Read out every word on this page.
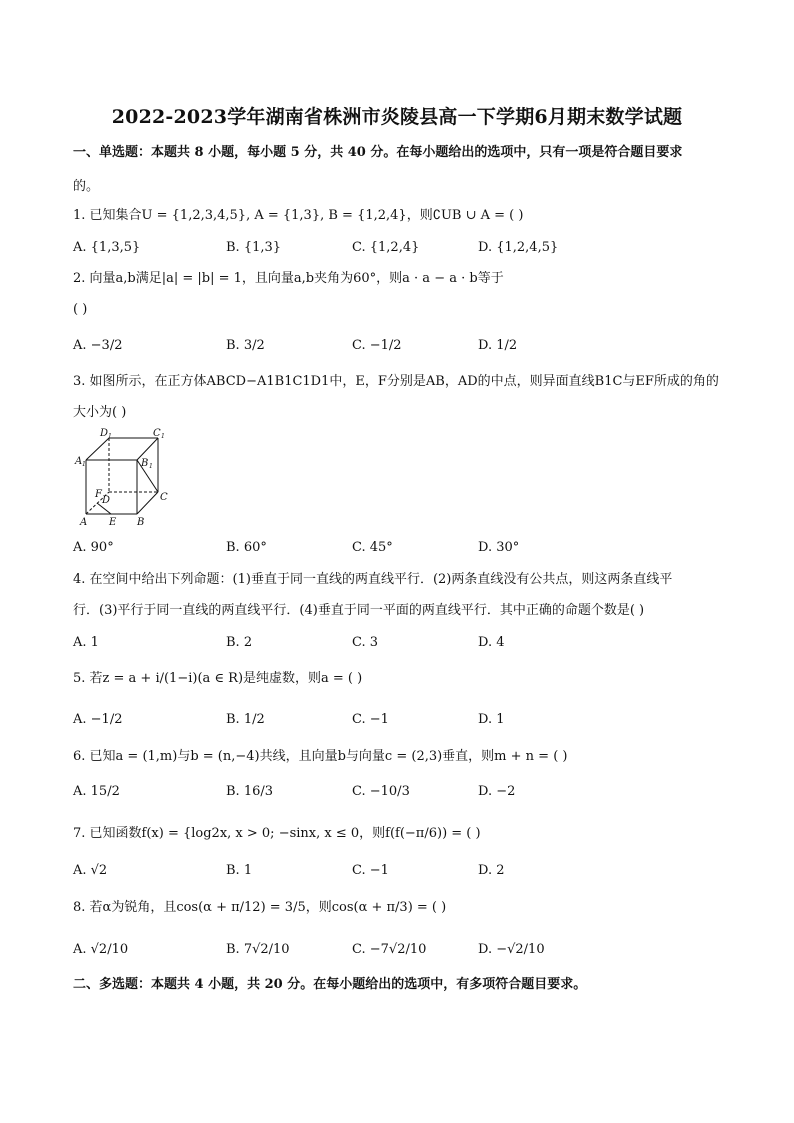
2022-2023学年湖南省株洲市炎陵县高一下学期6月期末数学试题
一、单选题：本题共 8 小题，每小题 5 分，共 40 分。在每小题给出的选项中，只有一项是符合题目要求
的。
1. 已知集合U = {1,2,3,4,5}, A = {1,3}, B = {1,2,4}，则∁UB ∪ A = ( )
A. {1,3,5}	B. {1,3}	C. {1,2,4}	D. {1,2,4,5}
2. 向量a,b满足|a| = |b| = 1，且向量a,b夹角为60°，则a · a − a · b等于
( )
A. −3/2	B. 3/2	C. −1/2	D. 1/2
3. 如图所示，在正方体ABCD−A1B1C1D1中，E，F分别是AB，AD的中点，则异面直线B1C与EF所成的角的
大小为( )
D 1	C 1
A 1	B 1
F
D	C
A E B
A. 90°	B. 60°	C. 45°	D. 30°
4. 在空间中给出下列命题：(1)垂直于同一直线的两直线平行．(2)两条直线没有公共点，则这两条直线平
行．(3)平行于同一直线的两直线平行．(4)垂直于同一平面的两直线平行．其中正确的命题个数是( )
A. 1	B. 2	C. 3	D. 4
5. 若z = a + i/(1−i)(a ∈ R)是纯虚数，则a = ( )
A. −1/2	B. 1/2	C. −1	D. 1
6. 已知a = (1,m)与b = (n,−4)共线，且向量b与向量c = (2,3)垂直，则m + n = ( )
A. 15/2	B. 16/3	C. −10/3	D. −2
7. 已知函数f(x) = {log2x, x > 0; −sinx, x ≤ 0，则f(f(−π/6)) = ( )
A. √2	B. 1	C. −1	D. 2
8. 若α为锐角，且cos(α + π/12) = 3/5，则cos(α + π/3) = ( )
A. √2/10	B. 7√2/10	C. −7√2/10	D. −√2/10
二、多选题：本题共 4 小题，共 20 分。在每小题给出的选项中，有多项符合题目要求。
